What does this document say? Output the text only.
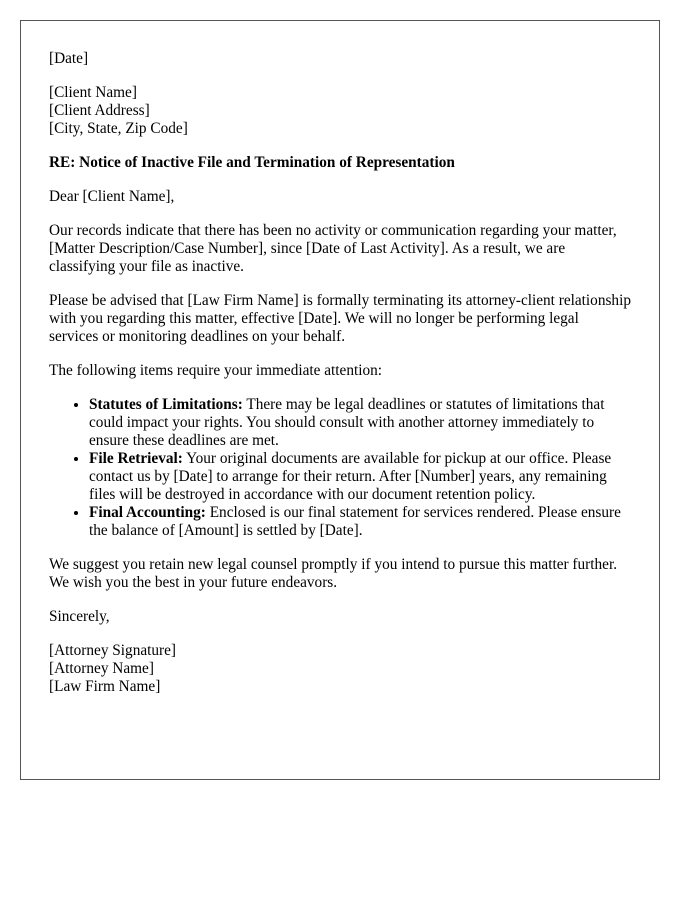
[Date]
[Client Name]
[Client Address]
[City, State, Zip Code]
RE: Notice of Inactive File and Termination of Representation

Dear [Client Name],

Our records indicate that there has been no activity or communication regarding your matter, [Matter Description/Case Number], since [Date of Last Activity]. As a result, we are classifying your file as inactive.

Please be advised that [Law Firm Name] is formally terminating its attorney-client relationship with you regarding this matter, effective [Date]. We will no longer be performing legal services or monitoring deadlines on your behalf.

The following items require your immediate attention:

• Statutes of Limitations: There may be legal deadlines or statutes of limitations that could impact your rights. You should consult with another attorney immediately to ensure these deadlines are met.
• File Retrieval: Your original documents are available for pickup at our office. Please contact us by [Date] to arrange for their return. After [Number] years, any remaining files will be destroyed in accordance with our document retention policy.
• Final Accounting: Enclosed is our final statement for services rendered. Please ensure the balance of [Amount] is settled by [Date].

We suggest you retain new legal counsel promptly if you intend to pursue this matter further. We wish you the best in your future endeavors.

Sincerely,

[Attorney Signature]
[Attorney Name]
[Law Firm Name]
